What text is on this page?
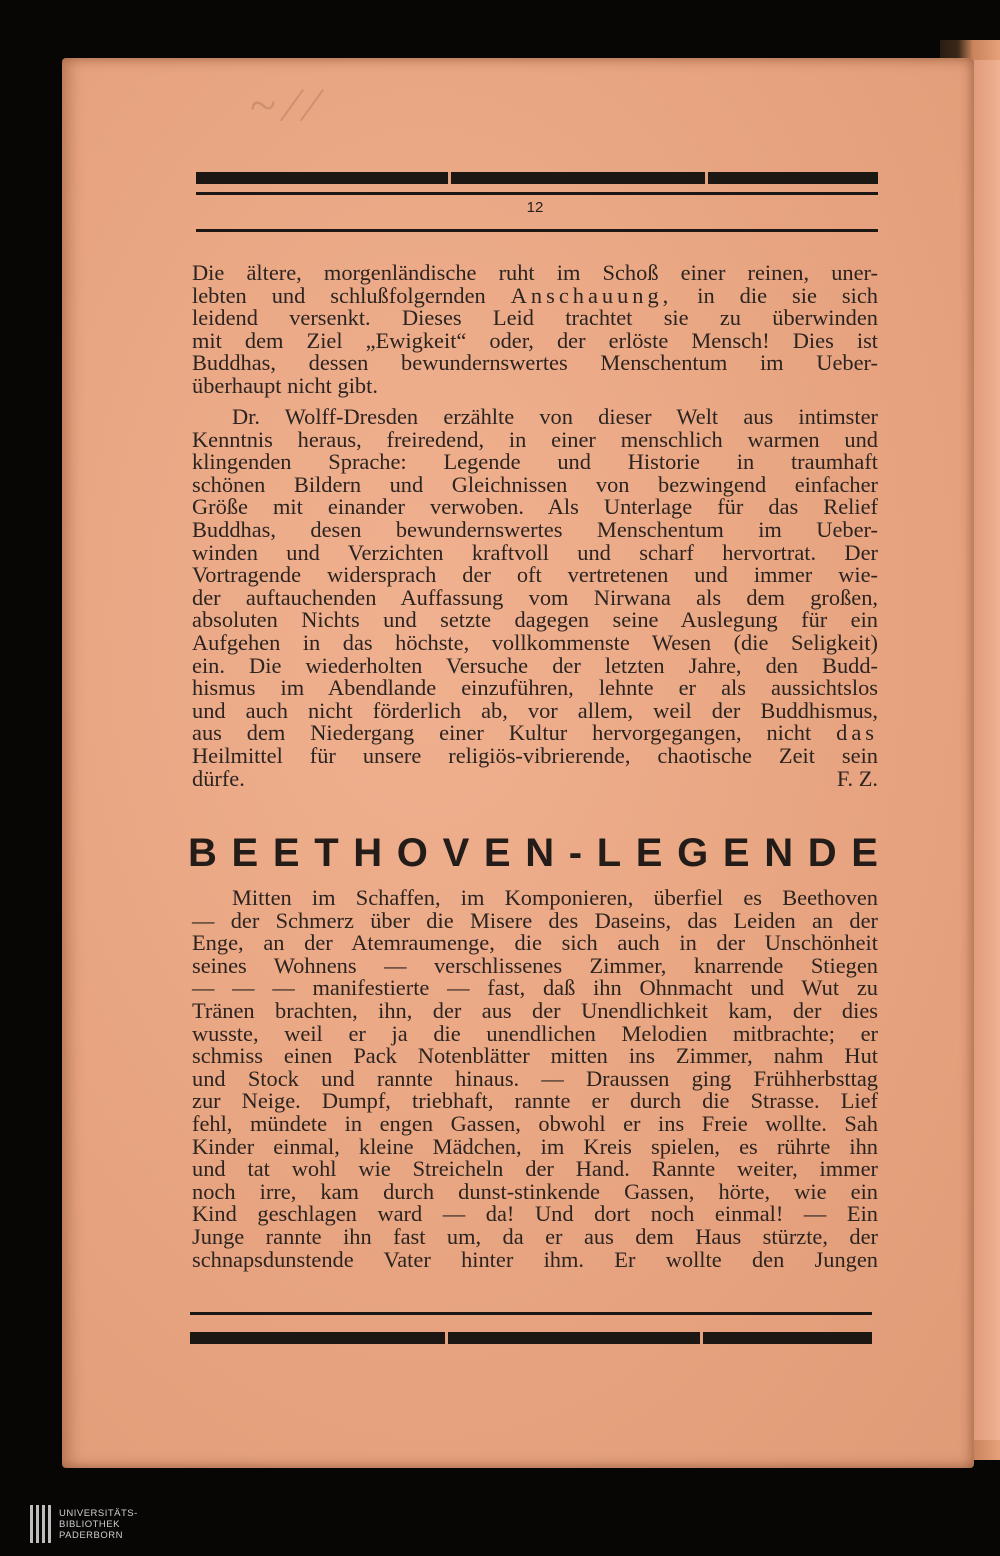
~ ⁄ ⁄
12
Die ältere, morgenländische ruht im Schoß einer reinen, uner-
lebten und schlußfolgernden Anschauung, in die sie sich
leidend versenkt. Dieses Leid trachtet sie zu überwinden
mit dem Ziel „Ewigkeit“ oder, der erlöste Mensch! Dies ist
Buddhas, dessen bewundernswertes Menschentum im Ueber-
überhaupt nicht gibt.
Dr. Wolff-Dresden erzählte von dieser Welt aus intimster
Kenntnis heraus, freiredend, in einer menschlich warmen und
klingenden Sprache: Legende und Historie in traumhaft
schönen Bildern und Gleichnissen von bezwingend einfacher
Größe mit einander verwoben. Als Unterlage für das Relief
Buddhas, desen bewundernswertes Menschentum im Ueber-
winden und Verzichten kraftvoll und scharf hervortrat. Der
Vortragende widersprach der oft vertretenen und immer wie-
der auftauchenden Auffassung vom Nirwana als dem großen,
absoluten Nichts und setzte dagegen seine Auslegung für ein
Aufgehen in das höchste, vollkommenste Wesen (die Seligkeit)
ein. Die wiederholten Versuche der letzten Jahre, den Budd-
hismus im Abendlande einzuführen, lehnte er als aussichtslos
und auch nicht förderlich ab, vor allem, weil der Buddhismus,
aus dem Niedergang einer Kultur hervorgegangen, nicht das
Heilmittel für unsere religiös-vibrierende, chaotische Zeit sein
dürfe.	F. Z.
B E E T H O V E N - L E G E N D E
Mitten im Schaffen, im Komponieren, überfiel es Beethoven
— der Schmerz über die Misere des Daseins, das Leiden an der
Enge, an der Atemraumenge, die sich auch in der Unschönheit
seines Wohnens — verschlissenes Zimmer, knarrende Stiegen
— — — manifestierte — fast, daß ihn Ohnmacht und Wut zu
Tränen brachten, ihn, der aus der Unendlichkeit kam, der dies
wusste, weil er ja die unendlichen Melodien mitbrachte; er
schmiss einen Pack Notenblätter mitten ins Zimmer, nahm Hut
und Stock und rannte hinaus. — Draussen ging Frühherbsttag
zur Neige. Dumpf, triebhaft, rannte er durch die Strasse. Lief
fehl, mündete in engen Gassen, obwohl er ins Freie wollte. Sah
Kinder einmal, kleine Mädchen, im Kreis spielen, es rührte ihn
und tat wohl wie Streicheln der Hand. Rannte weiter, immer
noch irre, kam durch dunst-stinkende Gassen, hörte, wie ein
Kind geschlagen ward — da! Und dort noch einmal! — Ein
Junge rannte ihn fast um, da er aus dem Haus stürzte, der
schnapsdunstende Vater hinter ihm. Er wollte den Jungen
UNIVERSITÄTS-
BIBLIOTHEK
PADERBORN
